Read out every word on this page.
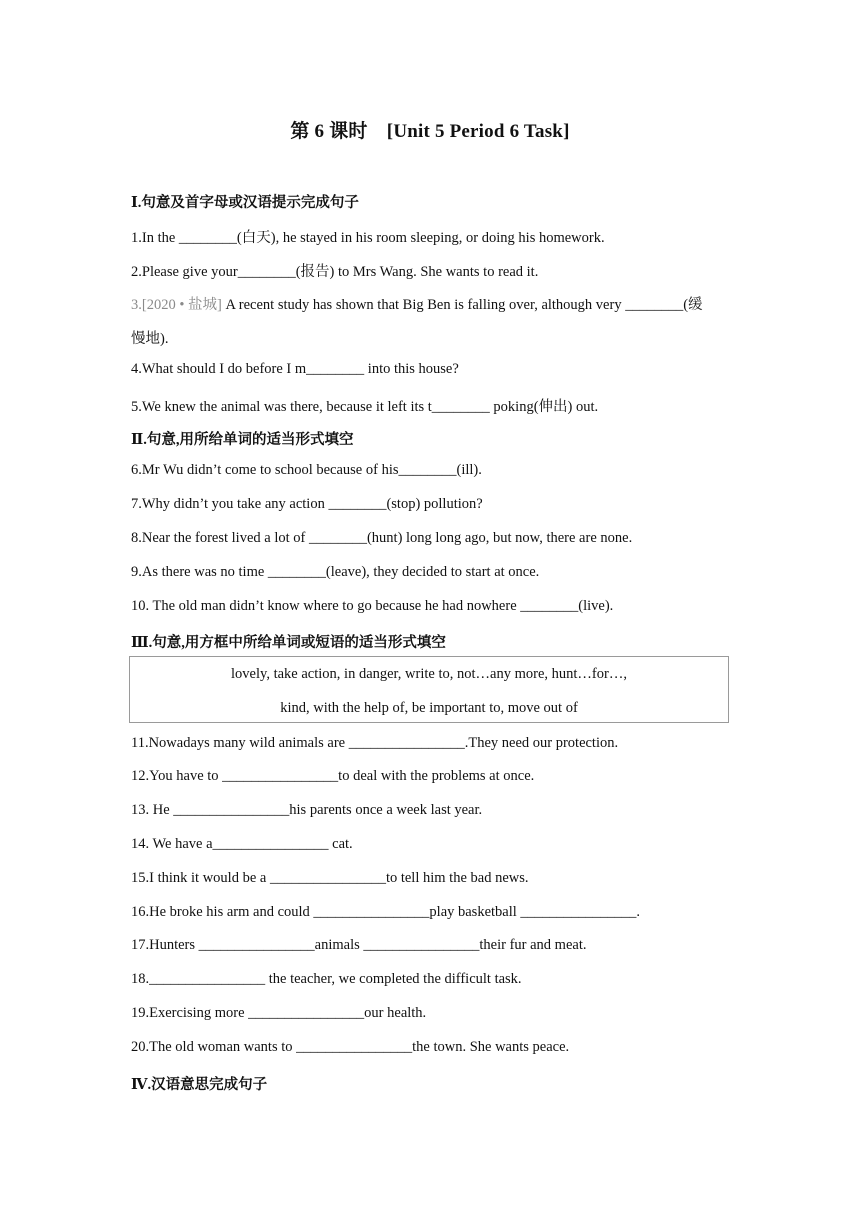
第 6 课时　[Unit 5 Period 6 Task]
Ⅰ.句意及首字母或汉语提示完成句子
1.In the ________(白天), he stayed in his room sleeping, or doing his homework.
2.Please give your________(报告) to Mrs Wang. She wants to read it.
3.[2020 • 盐城] A recent study has shown that Big Ben is falling over, although very ________(缓
慢地).
4.What should I do before I m________ into this house?
5.We knew the animal was there, because it left its t________ poking(伸出) out.
Ⅱ.句意,用所给单词的适当形式填空
6.Mr Wu didn’t come to school because of his________(ill).
7.Why didn’t you take any action ________(stop) pollution?
8.Near the forest lived a lot of ________(hunt) long long ago, but now, there are none.
9.As there was no time ________(leave), they decided to start at once.
10. The old man didn’t know where to go because he had nowhere ________(live).
Ⅲ.句意,用方框中所给单词或短语的适当形式填空
lovely, take action, in danger, write to, not…any more, hunt…for…,
kind, with the help of, be important to, move out of
11.Nowadays many wild animals are ________________.They need our protection.
12.You have to ________________to deal with the problems at once.
13. He ________________his parents once a week last year.
14. We have a________________ cat.
15.I think it would be a ________________to tell him the bad news.
16.He broke his arm and could ________________play basketball ________________.
17.Hunters ________________animals ________________their fur and meat.
18.________________ the teacher, we completed the difficult task.
19.Exercising more ________________our health.
20.The old woman wants to ________________the town. She wants peace.
Ⅳ.汉语意思完成句子
